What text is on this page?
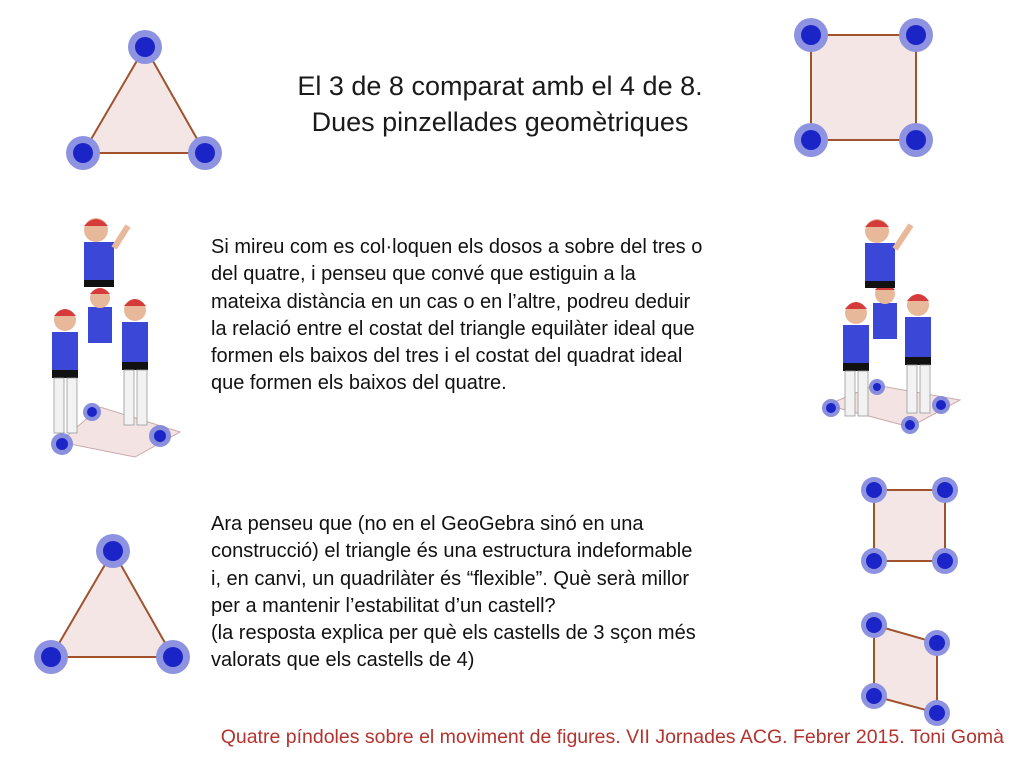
El 3 de 8 comparat amb el 4 de 8.
Dues pinzellades geomètriques
Si mireu com es col·loquen els dosos a sobre del tres o
del quatre, i penseu que convé que estiguin a la
mateixa distància en un cas o en l’altre, podreu deduir
la relació entre el costat del triangle equilàter ideal que
formen els baixos del tres i el costat del quadrat ideal
que formen els baixos del quatre.
Ara penseu que (no en el GeoGebra sinó en una
construcció) el triangle és una estructura indeformable
i, en canvi, un quadrilàter és “flexible”. Què serà millor
per a mantenir l’estabilitat d’un castell?
(la resposta explica per què els castells de 3 sçon més
valorats que els castells de 4)
Quatre píndoles sobre el moviment de figures. VII Jornades ACG. Febrer 2015. Toni Gomà
